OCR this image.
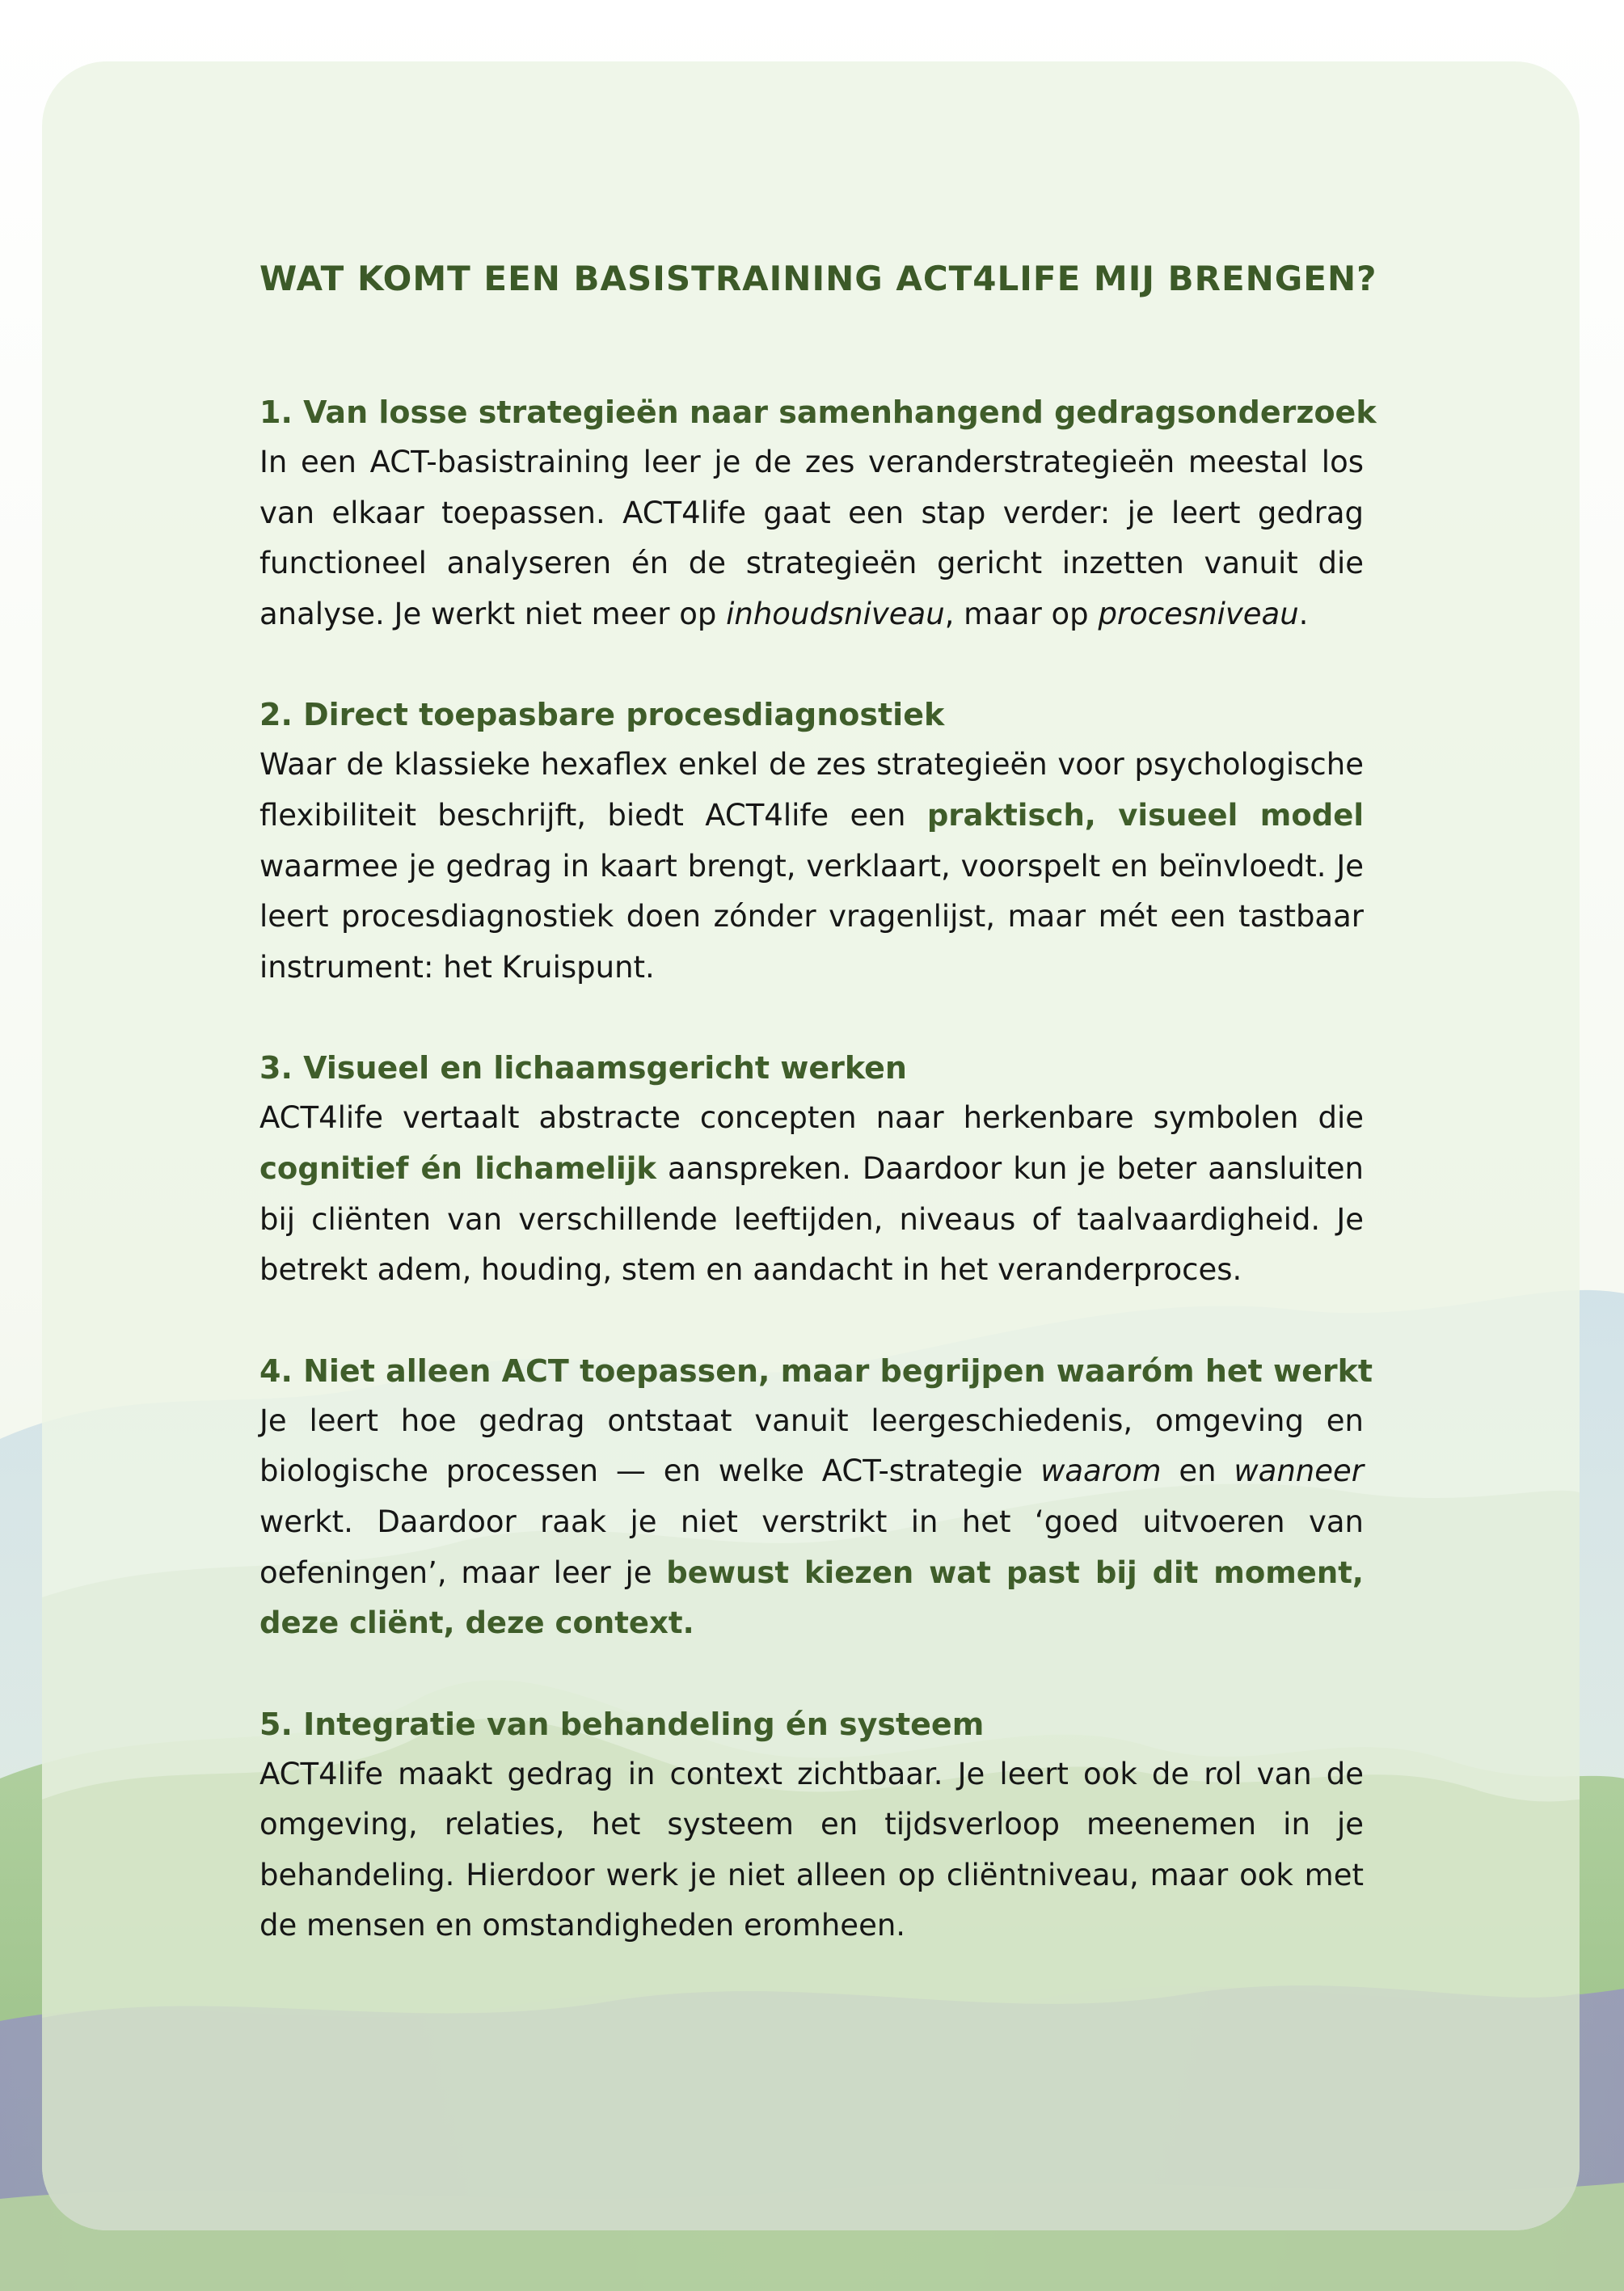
WAT KOMT EEN BASISTRAINING ACT4LIFE MIJ BRENGEN?
1. Van losse strategieën naar samenhangend gedragsonderzoek

In een ACT-basistraining leer je de zes veranderstrategieën meestal los van elkaar toepassen. ACT4life gaat een stap verder: je leert gedrag functioneel analyseren én de strategieën gericht inzetten vanuit die analyse. Je werkt niet meer op inhoudsniveau, maar op procesniveau.

2. Direct toepasbare procesdiagnostiek

Waar de klassieke hexaflex enkel de zes strategieën voor psychologische flexibiliteit beschrijft, biedt ACT4life een praktisch, visueel model waarmee je gedrag in kaart brengt, verklaart, voorspelt en beïnvloedt. Je leert procesdiagnostiek doen zónder vragenlijst, maar mét een tastbaar instrument: het Kruispunt.

3. Visueel en lichaamsgericht werken

ACT4life vertaalt abstracte concepten naar herkenbare symbolen die cognitief én lichamelijk aanspreken. Daardoor kun je beter aansluiten bij cliënten van verschillende leeftijden, niveaus of taalvaardigheid. Je betrekt adem, houding, stem en aandacht in het veranderproces.

4. Niet alleen ACT toepassen, maar begrijpen waaróm het werkt

Je leert hoe gedrag ontstaat vanuit leergeschiedenis, omgeving en biologische processen — en welke ACT-strategie waarom en wanneer werkt. Daardoor raak je niet verstrikt in het ‘goed uitvoeren van oefeningen’, maar leer je bewust kiezen wat past bij dit moment, deze cliënt, deze context.

5. Integratie van behandeling én systeem

ACT4life maakt gedrag in context zichtbaar. Je leert ook de rol van de omgeving, relaties, het systeem en tijdsverloop meenemen in je behandeling. Hierdoor werk je niet alleen op cliëntniveau, maar ook met de mensen en omstandigheden eromheen.
